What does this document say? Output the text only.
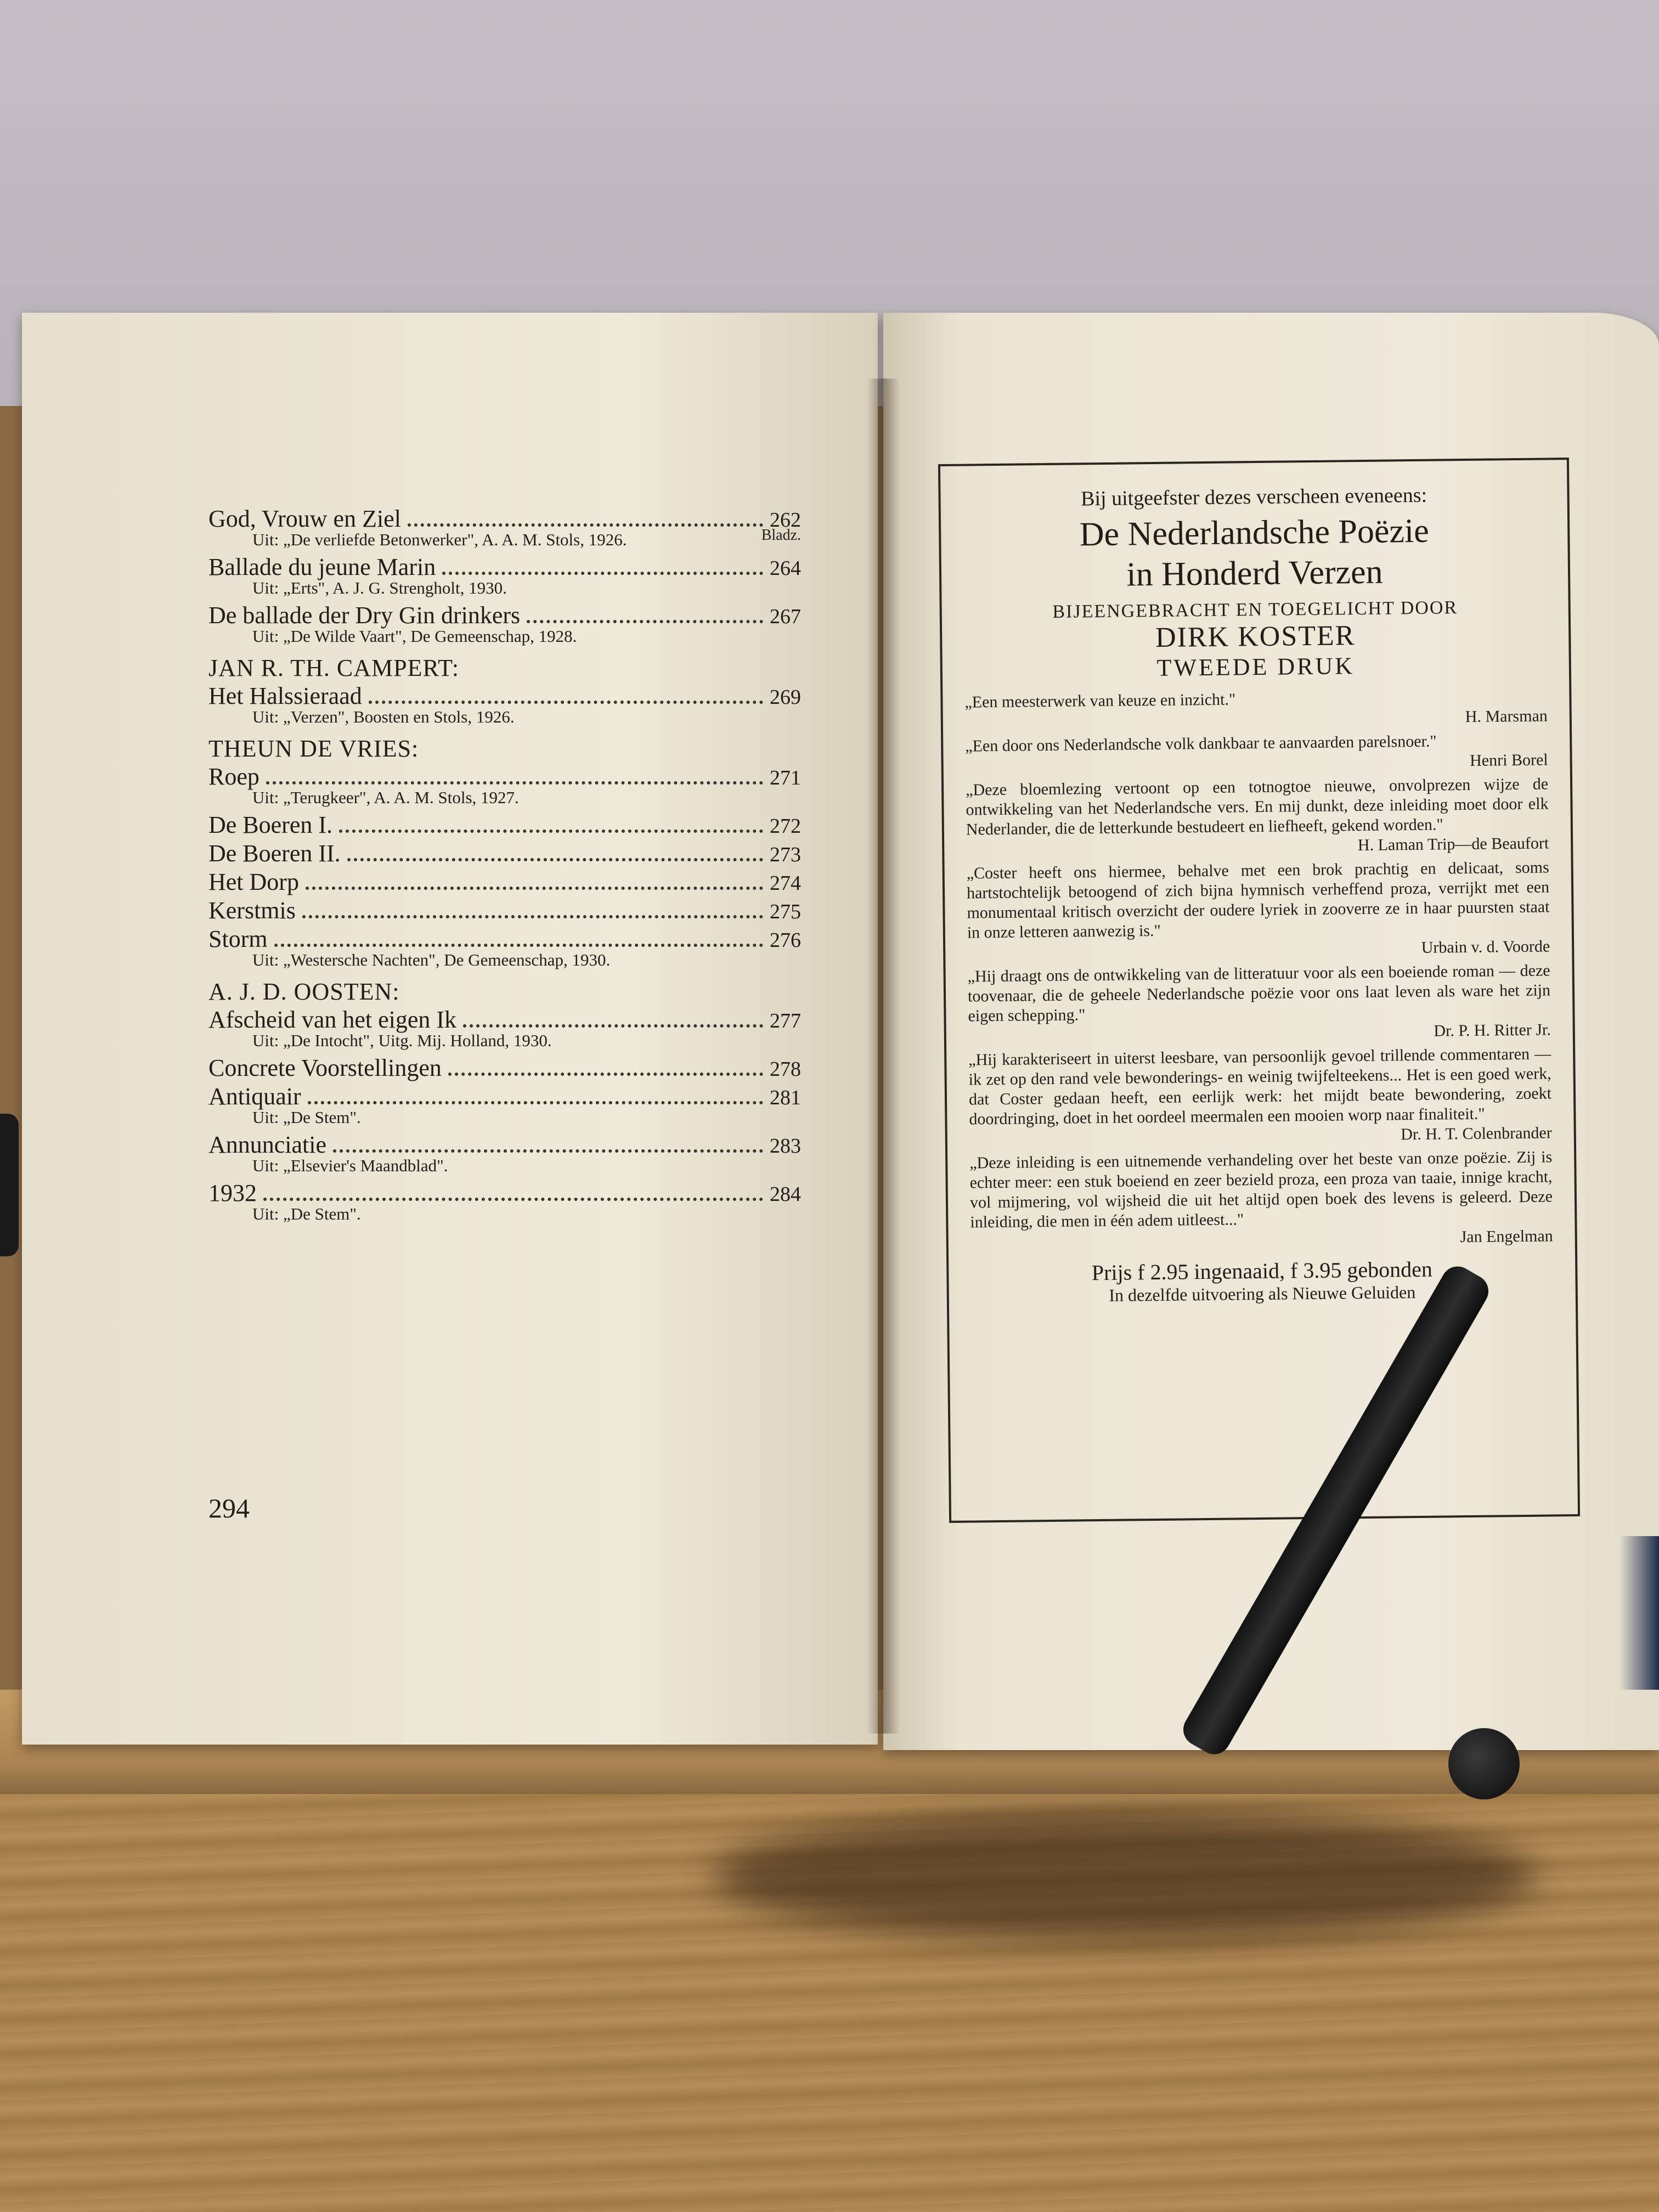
Bladz.
God, Vrouw en Ziel	262
Uit: „De verliefde Betonwerker", A. A. M. Stols, 1926.
Ballade du jeune Marin	264
Uit: „Erts", A. J. G. Strengholt, 1930.
De ballade der Dry Gin drinkers	267
Uit: „De Wilde Vaart", De Gemeenschap, 1928.
JAN R. TH. CAMPERT:
Het Halssieraad	269
Uit: „Verzen", Boosten en Stols, 1926.
THEUN DE VRIES:
Roep	271
Uit: „Terugkeer", A. A. M. Stols, 1927.
De Boeren I.	272
De Boeren II.	273
Het Dorp	274
Kerstmis	275
Storm	276
Uit: „Westersche Nachten", De Gemeenschap, 1930.
A. J. D. OOSTEN:
Afscheid van het eigen Ik	277
Uit: „De Intocht", Uitg. Mij. Holland, 1930.
Concrete Voorstellingen	278
Antiquair	281
Uit: „De Stem".
Annunciatie	283
Uit: „Elsevier's Maandblad".
1932	284
Uit: „De Stem".
294
Bij uitgeefster dezes verscheen eveneens:
De Nederlandsche Poëzie
in Honderd Verzen
BIJEENGEBRACHT EN TOEGELICHT DOOR
DIRK KOSTER
TWEEDE DRUK
„Een meesterwerk van keuze en inzicht."
H. Marsman
„Een door ons Nederlandsche volk dankbaar te aanvaarden parelsnoer."
Henri Borel
„Deze bloemlezing vertoont op een totnogtoe nieuwe, onvolprezen wijze de ontwikkeling van het Nederlandsche vers. En mij dunkt, deze inleiding moet door elk Nederlander, die de letterkunde bestudeert en liefheeft, gekend worden."
H. Laman Trip—de Beaufort
„Coster heeft ons hiermee, behalve met een brok prachtig en delicaat, soms hartstochtelijk betoogend of zich bijna hymnisch verheffend proza, verrijkt met een monumentaal kritisch overzicht der oudere lyriek in zooverre ze in haar puursten staat in onze letteren aanwezig is."
Urbain v. d. Voorde
„Hij draagt ons de ontwikkeling van de litteratuur voor als een boeiende roman — deze toovenaar, die de geheele Nederlandsche poëzie voor ons laat leven als ware het zijn eigen schepping."
Dr. P. H. Ritter Jr.
„Hij karakteriseert in uiterst leesbare, van persoonlijk gevoel trillende commentaren — ik zet op den rand vele bewonderings- en weinig twijfelteekens... Het is een goed werk, dat Coster gedaan heeft, een eerlijk werk: het mijdt beate bewondering, zoekt doordringing, doet in het oordeel meermalen een mooien worp naar finaliteit."
Dr. H. T. Colenbrander
„Deze inleiding is een uitnemende verhandeling over het beste van onze poëzie. Zij is echter meer: een stuk boeiend en zeer bezield proza, een proza van taaie, innige kracht, vol mijmering, vol wijsheid die uit het altijd open boek des levens is geleerd. Deze inleiding, die men in één adem uitleest..."
Jan Engelman
Prijs f 2.95 ingenaaid, f 3.95 gebonden
In dezelfde uitvoering als Nieuwe Geluiden
